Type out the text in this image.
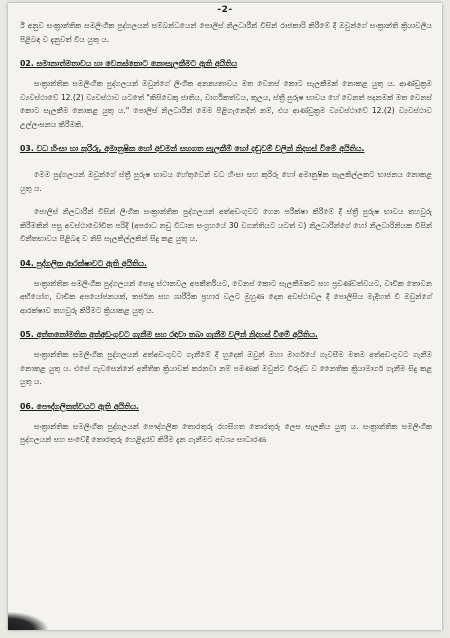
-2-

ඊ අනුව සංක්‍රාන්තික සමලිංගික පුද්ගලයන් සම්බන්ධයෙන් පොලිස් නිලධාරීන් විසින් රාජකාරි කිරීමේ දී ඔවුන්ගේ සංක්‍රාන්ති ක්‍රියාවලිය පිළිබඳ ව දැනුවත් විය යුතු ය.

02. සමානාත්මතාවය හා වෙනස්කොට නොසැලකීමට ඇති අයිතිය

සංක්‍රාන්තික සමලිංගික පුද්ගලයන් ඔවුන්ගේ ලිංගික අනන්‍යතාවය මත වෙනස් කොට සැලකීමක් නොකළ යුතු ය. ආණ්ඩුක්‍රම ව්‍යවස්ථාවේ 12.(2) ව්‍යවස්ථාව යටතේ "කිසිවෙකු ජාතිය, වාර්ගිකත්වය, කුලය, ස්ත්‍රී පුරුෂ භාවය හේ වෙනත් පදනමක් මත වෙනස් කොට සැලකීම නොකළ යුතු ය." පොලිස් නිලධාරීන් මෙම පිළිගැනෙදින් නම්, එය ආණ්ඩුක්‍රම ව්‍යවස්ථාවේ 12.(2) ව්‍යවස්ථාව උල්ලංඝනය කිරීමකි.

03. වධ හිංසා හා කුරිරු, අමානුෂික හෝ අවමන් සහගත සැලකීම් හෝ දඬුවම් වලින් නිදහස් වීමේ අයිතිය.

මෙම පුද්ගලයන් ඔවුන්ගේ ස්ත්‍රී පුරුෂ භාවය හේතුවෙන් වධ හිංසා සහ කුරිරු හෝ අමානුෂික සැලකිල්ලකට භාජනය නොකළ යුතු ය.

පොලිස් නිලධාරීන් විසින් ලිංගික සංක්‍රාන්තික පුද්ගලයන් අත්අඩංගුවට ගෙන පරීක්ෂා කිරීමේ දී ස්ත්‍රී පුරුෂ භාවය තහවුරු කිරීමකින් පසු අවස්ථාවෝචිත පරිදි (අපරාධ නඩු විධාන සංග්‍රහයේ 30 වගන්තියට යටත් ව) නිලධාරීන්ගේ හෝ නිලධාරිනියක විසින් විනීතභාවය පිළිබඳ ව නිසි සැලකිල්ලකින් සිදු කළ යුතු ය.

04. පුද්ගලික ආරක්ෂාවට ඇති අයිතිය.

සංක්‍රාන්තික සමලිංගික පුද්ගලයන් පොදු ස්ථානවල අපකීර්තියට, වෙනස් කොට සැලකීමකට සහ ප්‍රචණ්ඩත්වයට, වාචික තොවන අභියෝග, වාචික අපයෝජනයක්, තර්ජන සහ ශාරීරික ප්‍රහාර වලට මුහුණ දෙන අවස්ථාවල දී පොලිසිය මැදිහත් වී ඔවුන්ගේ ආරක්ෂාව තහවුරු කිරීමට ක්‍රියාකළ යුතු ය.

05. අත්තනෝමතික අත්අඩංගුවට ගැනීම සහ රඳවා තබා ගැනීම වලින් නිදහස් වීමේ අයිතිය.

සංක්‍රාන්තික සමලිංගික පුද්ගලයන් අත්අඩංගුවට ගැනීමේ දී හුදෙක් ඔවුන් මහා මාර්ගයේ ගැවසීම මතම අත්අඩංගුවට ගැනීම නොකළ යුතු ය. එසේ ගැවසෙන්නේ අනීතික ක්‍රියාවක් කරනවා නම් පමණක් ඔවුන්ට විරුද්ධ ව නෛතික ක්‍රියාමාර්ග ගැනීම සිදු කළ යුතු ය.

06. පෞද්ගලිකත්වයට ඇති අයිතිය.

සංක්‍රාන්තික සමලිංගික පුද්ගලයන් පෞද්ගලික තොරතුරු රහසිගත තොරතුරු ලෙස සැලකිය යුතු ය. සංක්‍රාන්තික සමලිංගික පුද්ගලයන් සහ සංවේදී තොරතුරු හෙළිදරව් කිරීම දැන ගැනීමට අවශ්‍ය සාධාරණ
